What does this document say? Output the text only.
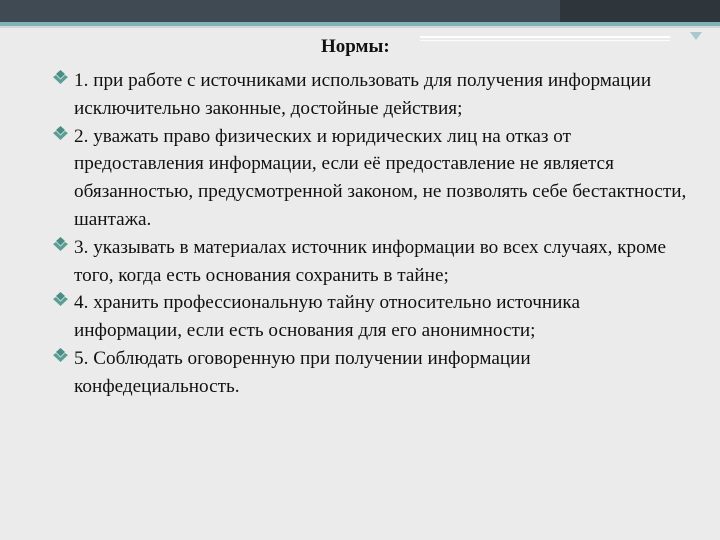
Нормы:

1. при работе с источниками использовать для получения информации исключительно законные, достойные действия;

2. уважать право физических и юридических лиц на отказ от предоставления информации, если её предоставление не является обязанностью, предусмотренной законом, не позволять себе бестактности, шантажа.

3. указывать в материалах источник информации во всех случаях, кроме того, когда есть основания сохранить в тайне;

4. хранить профессиональную тайну относительно источника информации, если есть основания для его анонимности;

5. Соблюдать оговоренную при получении информации конфедециальность.
